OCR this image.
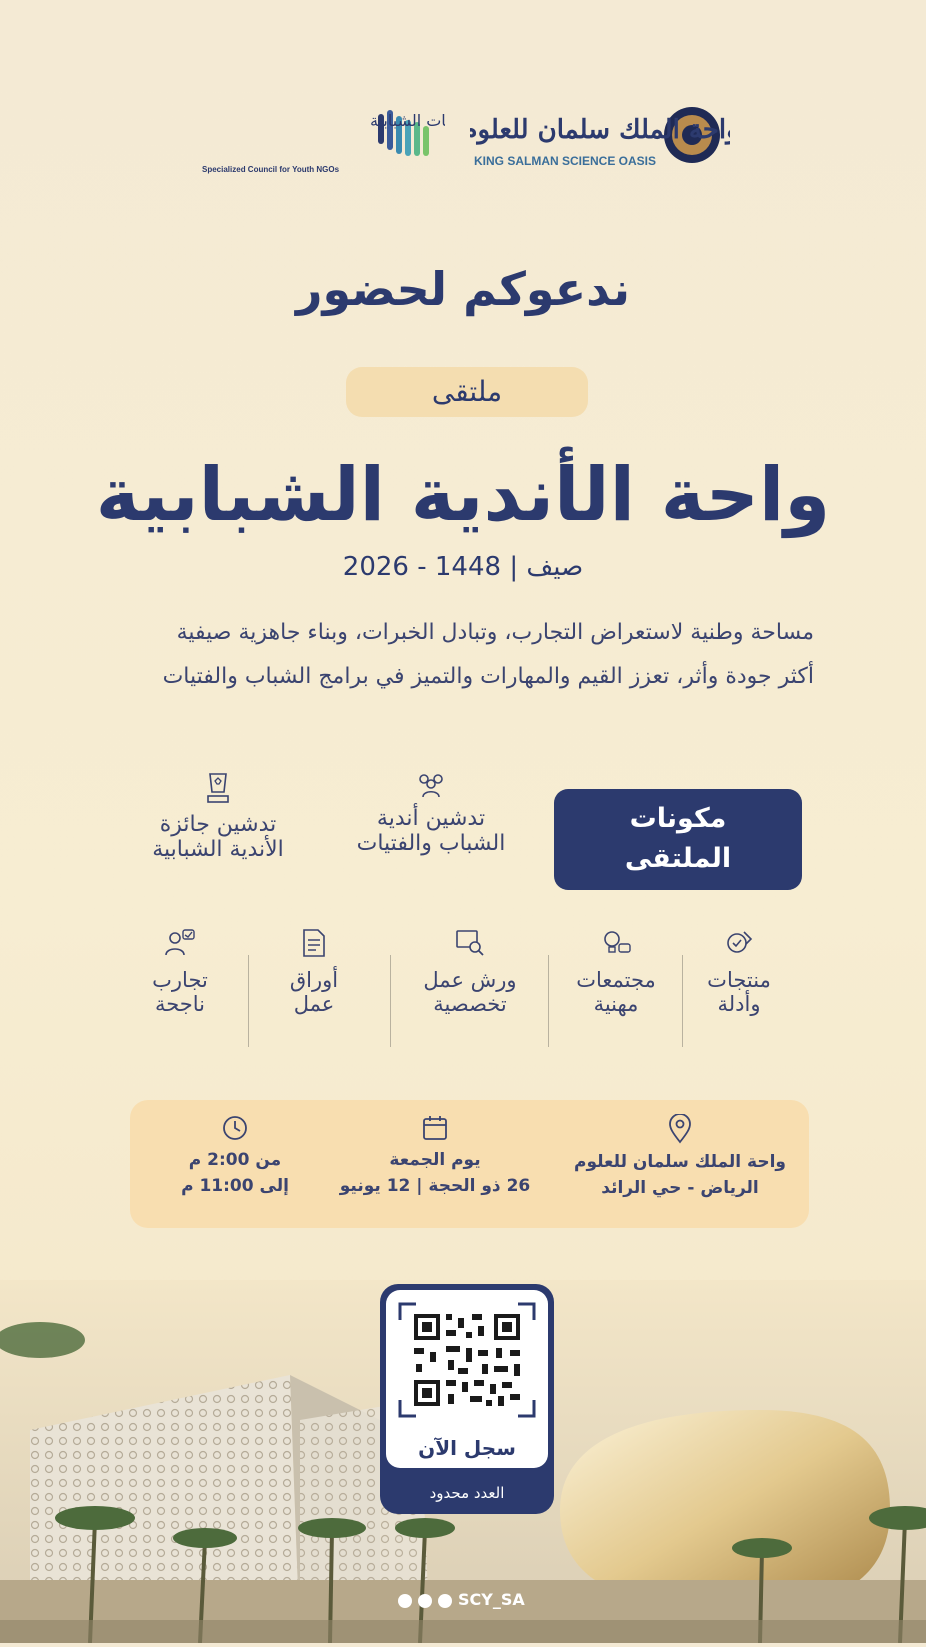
واحة الملك سلمان للعلوم
KING SALMAN SCIENCE OASIS
ات الشبابية
Specialized Council for Youth NGOs
ندعوكم لحضور
ملتقى
واحة الأندية الشبابية
صيف | 1448 - 2026
مساحة وطنية لاستعراض التجارب، وتبادل الخبرات، وبناء جاهزية صيفية
أكثر جودة وأثر، تعزز القيم والمهارات والتميز في برامج الشباب والفتيات
مكونات
الملتقى
تدشين أندية
الشباب والفتيات
تدشين جائزة
الأندية الشبابية
منتجات
وأدلة
مجتمعات
مهنية
ورش عمل
تخصصية
أوراق
عمل
تجارب
ناجحة
واحة الملك سلمان للعلوم
الرياض - حي الرائد
يوم الجمعة
26 ذو الحجة | 12 يونيو
من 2:00 م
إلى 11:00 م
سجل الآن
العدد محدود
SCY_SA
